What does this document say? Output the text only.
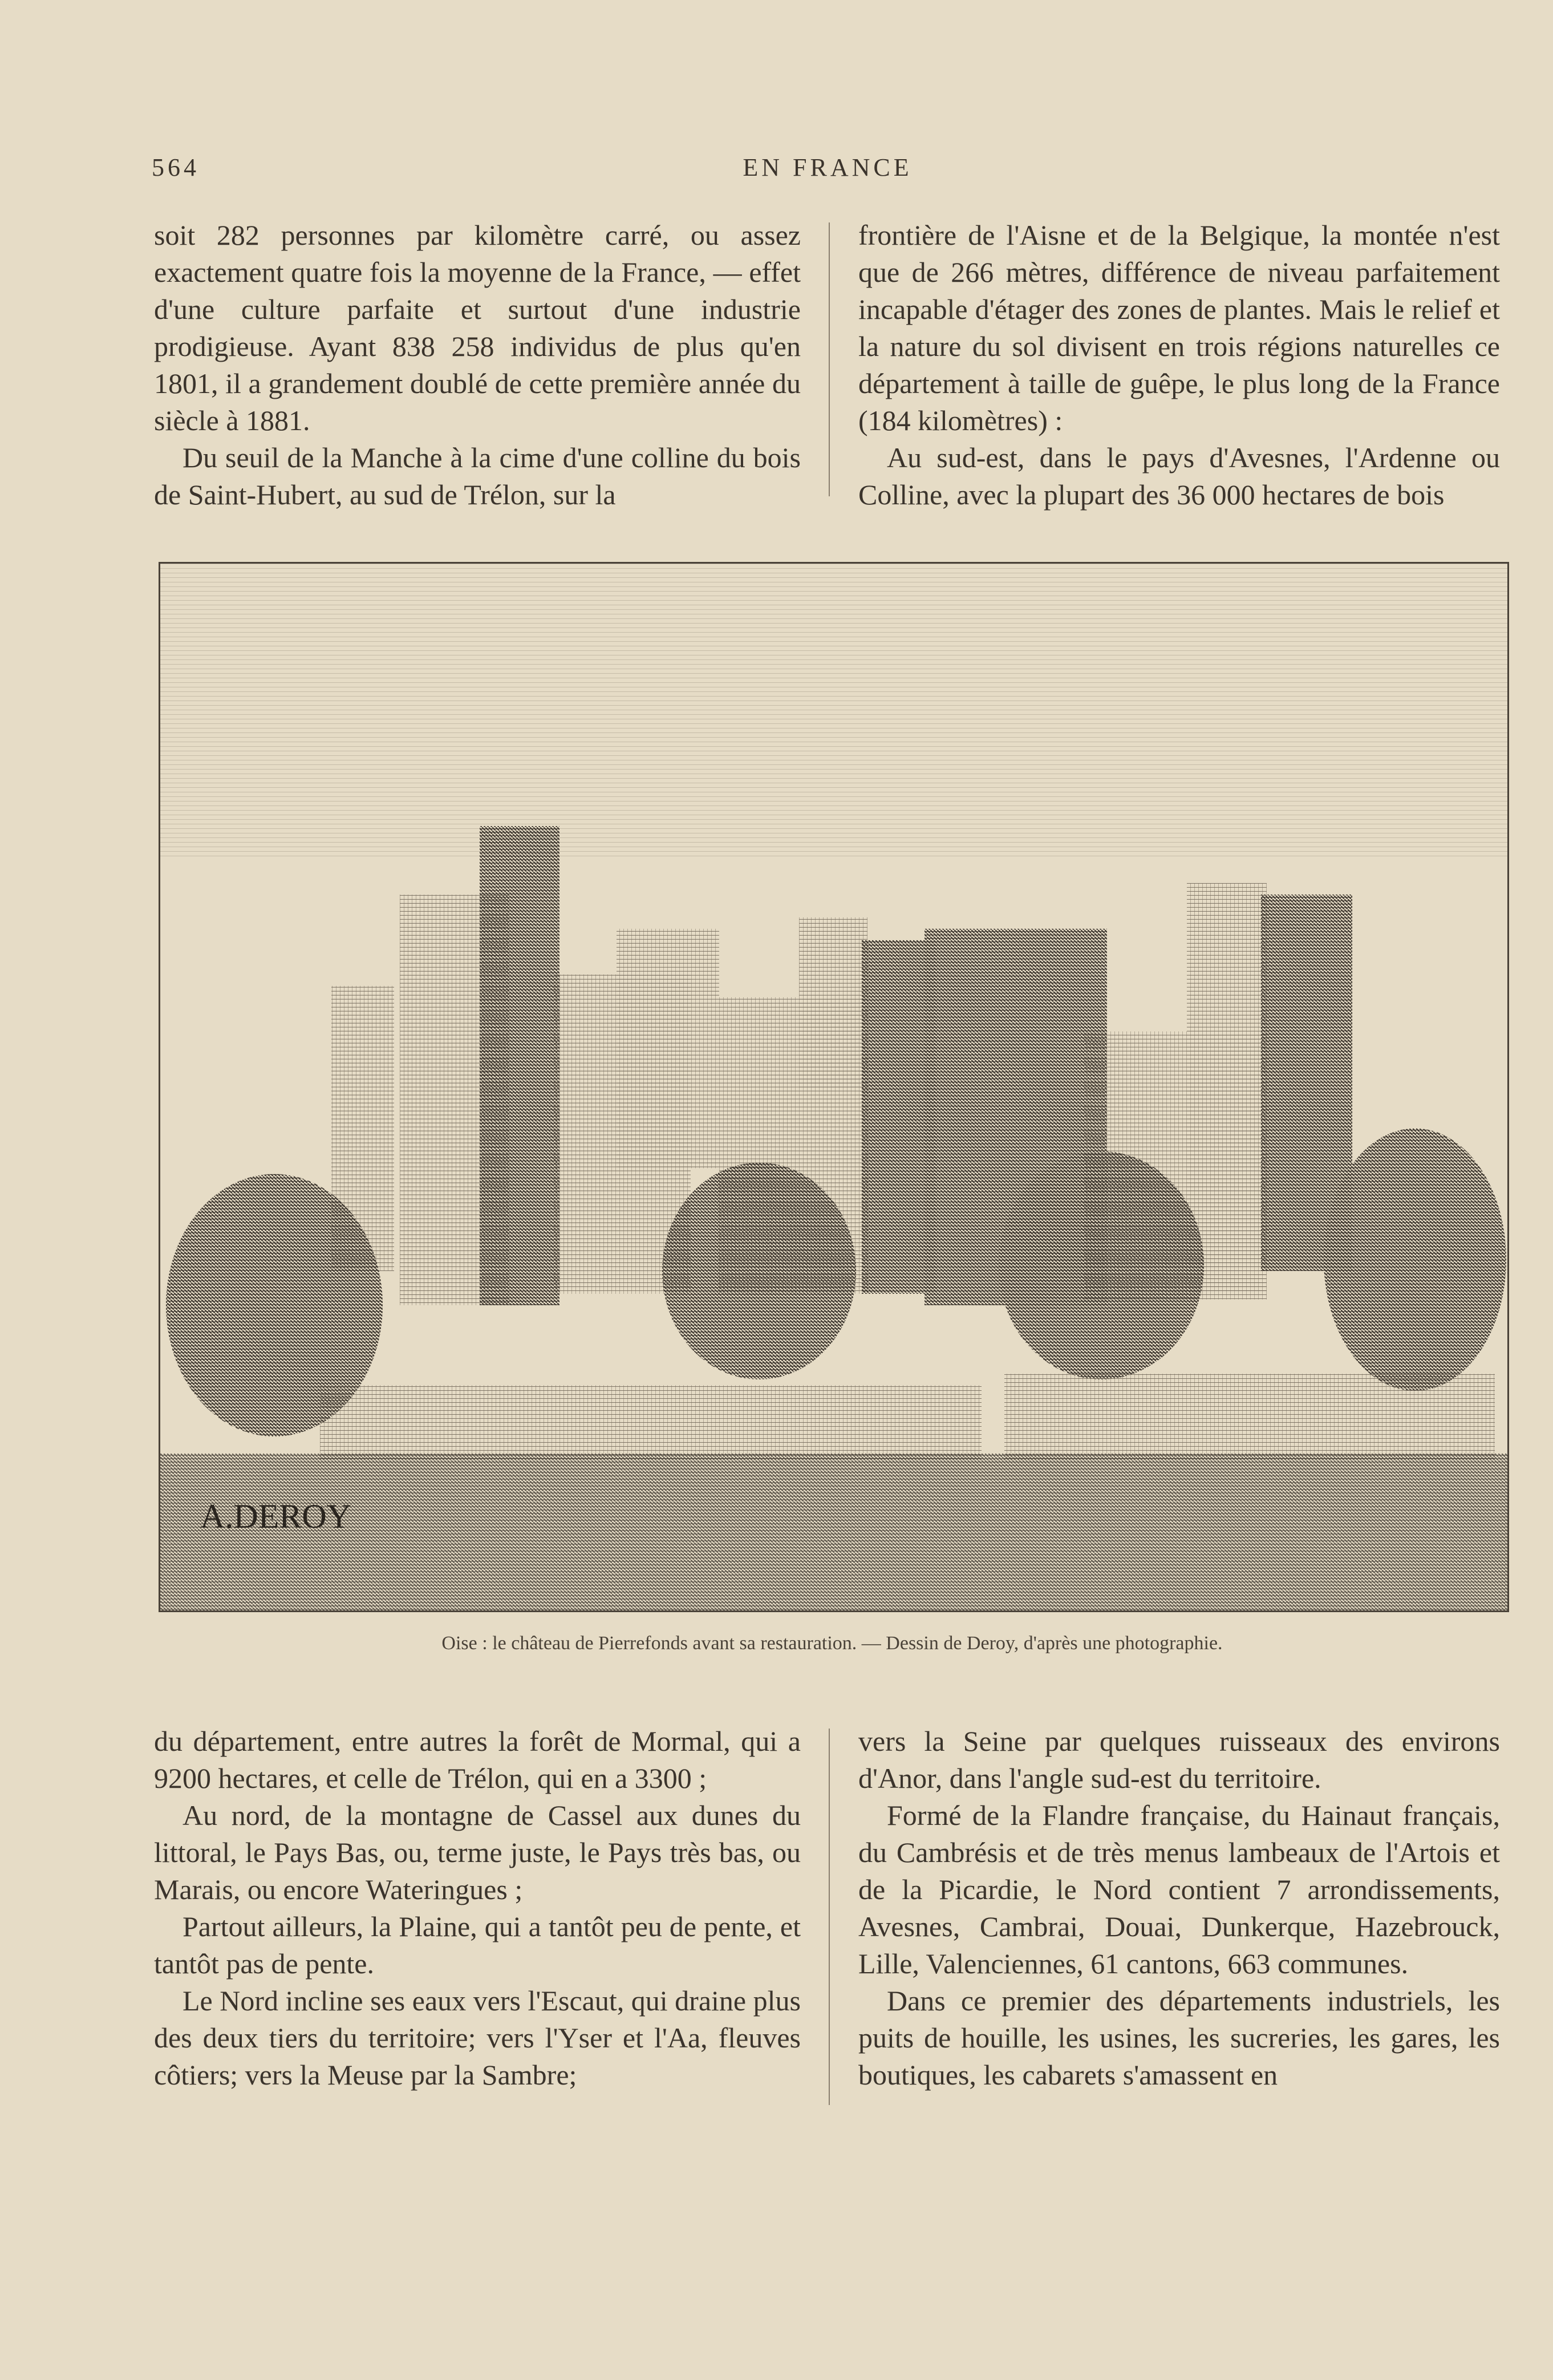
564	EN FRANCE

soit 282 personnes par kilomètre carré, ou assez exactement quatre fois la moyenne de la France, — effet d'une culture parfaite et surtout d'une industrie prodigieuse. Ayant 838 258 individus de plus qu'en 1801, il a grandement doublé de cette première année du siècle à 1881.

Du seuil de la Manche à la cime d'une colline du bois de Saint-Hubert, au sud de Trélon, sur la

frontière de l'Aisne et de la Belgique, la montée n'est que de 266 mètres, différence de niveau parfaitement incapable d'étager des zones de plantes. Mais le relief et la nature du sol divisent en trois régions naturelles ce département à taille de guêpe, le plus long de la France (184 kilomètres) :

Au sud-est, dans le pays d'Avesnes, l'Ardenne ou Colline, avec la plupart des 36 000 hectares de bois

A.DEROY
Oise : le château de Pierrefonds avant sa restauration. — Dessin de Deroy, d'après une photographie.

du département, entre autres la forêt de Mormal, qui a 9200 hectares, et celle de Trélon, qui en a 3300 ;

Au nord, de la montagne de Cassel aux dunes du littoral, le Pays Bas, ou, terme juste, le Pays très bas, ou Marais, ou encore Wateringues ;

Partout ailleurs, la Plaine, qui a tantôt peu de pente, et tantôt pas de pente.

Le Nord incline ses eaux vers l'Escaut, qui draine plus des deux tiers du territoire; vers l'Yser et l'Aa, fleuves côtiers; vers la Meuse par la Sambre;

vers la Seine par quelques ruisseaux des environs d'Anor, dans l'angle sud-est du territoire.

Formé de la Flandre française, du Hainaut français, du Cambrésis et de très menus lambeaux de l'Artois et de la Picardie, le Nord contient 7 arrondissements, Avesnes, Cambrai, Douai, Dunkerque, Hazebrouck, Lille, Valenciennes, 61 cantons, 663 communes.

Dans ce premier des départements industriels, les puits de houille, les usines, les sucreries, les gares, les boutiques, les cabarets s'amassent en
